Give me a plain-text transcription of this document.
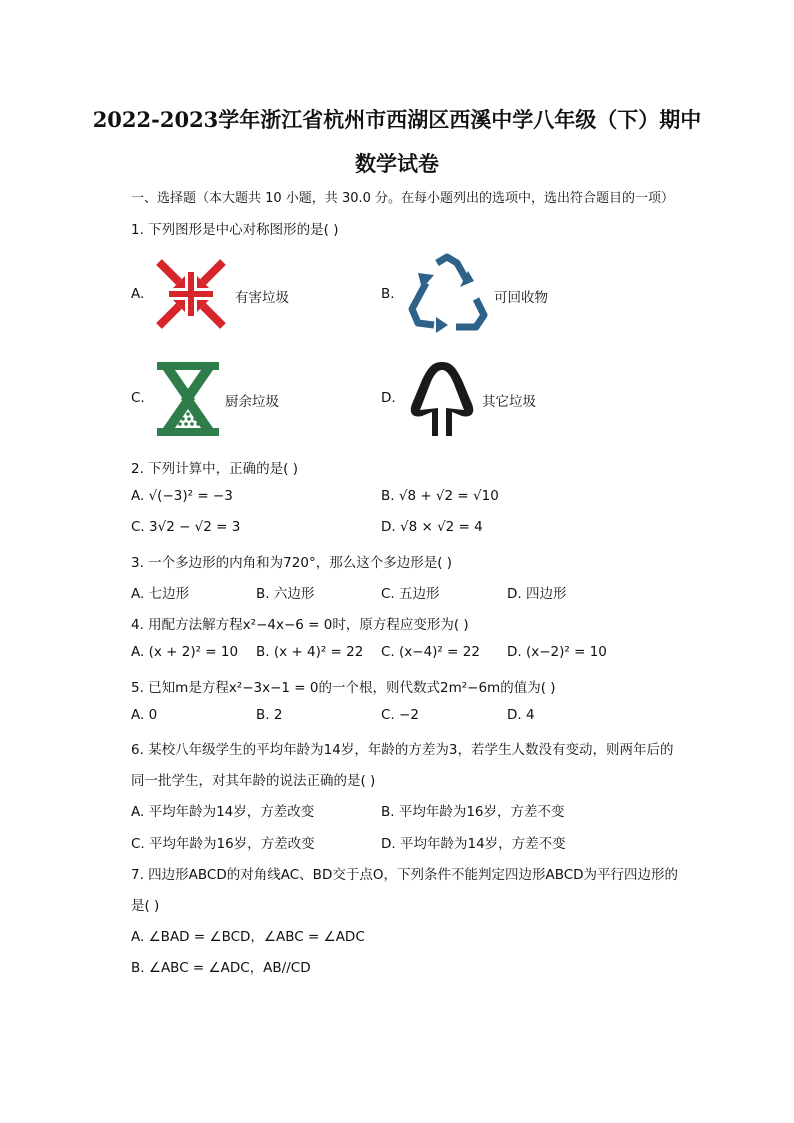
2022-2023学年浙江省杭州市西湖区西溪中学八年级（下）期中
数学试卷
一、选择题（本大题共 10 小题，共 30.0 分。在每小题列出的选项中，选出符合题目的一项）
1. 下列图形是中心对称图形的是( )
A.	有害垃圾	B.	可回收物
C.	厨余垃圾	D.	其它垃圾
2. 下列计算中，正确的是( )
A. √(−3)² = −3	B. √8 + √2 = √10
C. 3√2 − √2 = 3	D. √8 × √2 = 4
3. 一个多边形的内角和为720°，那么这个多边形是( )
A. 七边形	B. 六边形	C. 五边形	D. 四边形
4. 用配方法解方程x²−4x−6 = 0时，原方程应变形为( )
A. (x + 2)² = 10 B. (x + 4)² = 22 C. (x−4)² = 22 D. (x−2)² = 10
5. 已知m是方程x²−3x−1 = 0的一个根，则代数式2m²−6m的值为( )
A. 0	B. 2	C. −2	D. 4
6. 某校八年级学生的平均年龄为14岁，年龄的方差为3，若学生人数没有变动，则两年后的
同一批学生，对其年龄的说法正确的是( )
A. 平均年龄为14岁，方差改变	B. 平均年龄为16岁，方差不变
C. 平均年龄为16岁，方差改变	D. 平均年龄为14岁，方差不变
7. 四边形ABCD的对角线AC、BD交于点O，下列条件不能判定四边形ABCD为平行四边形的
是( )
A. ∠BAD = ∠BCD，∠ABC = ∠ADC
B. ∠ABC = ∠ADC，AB//CD
